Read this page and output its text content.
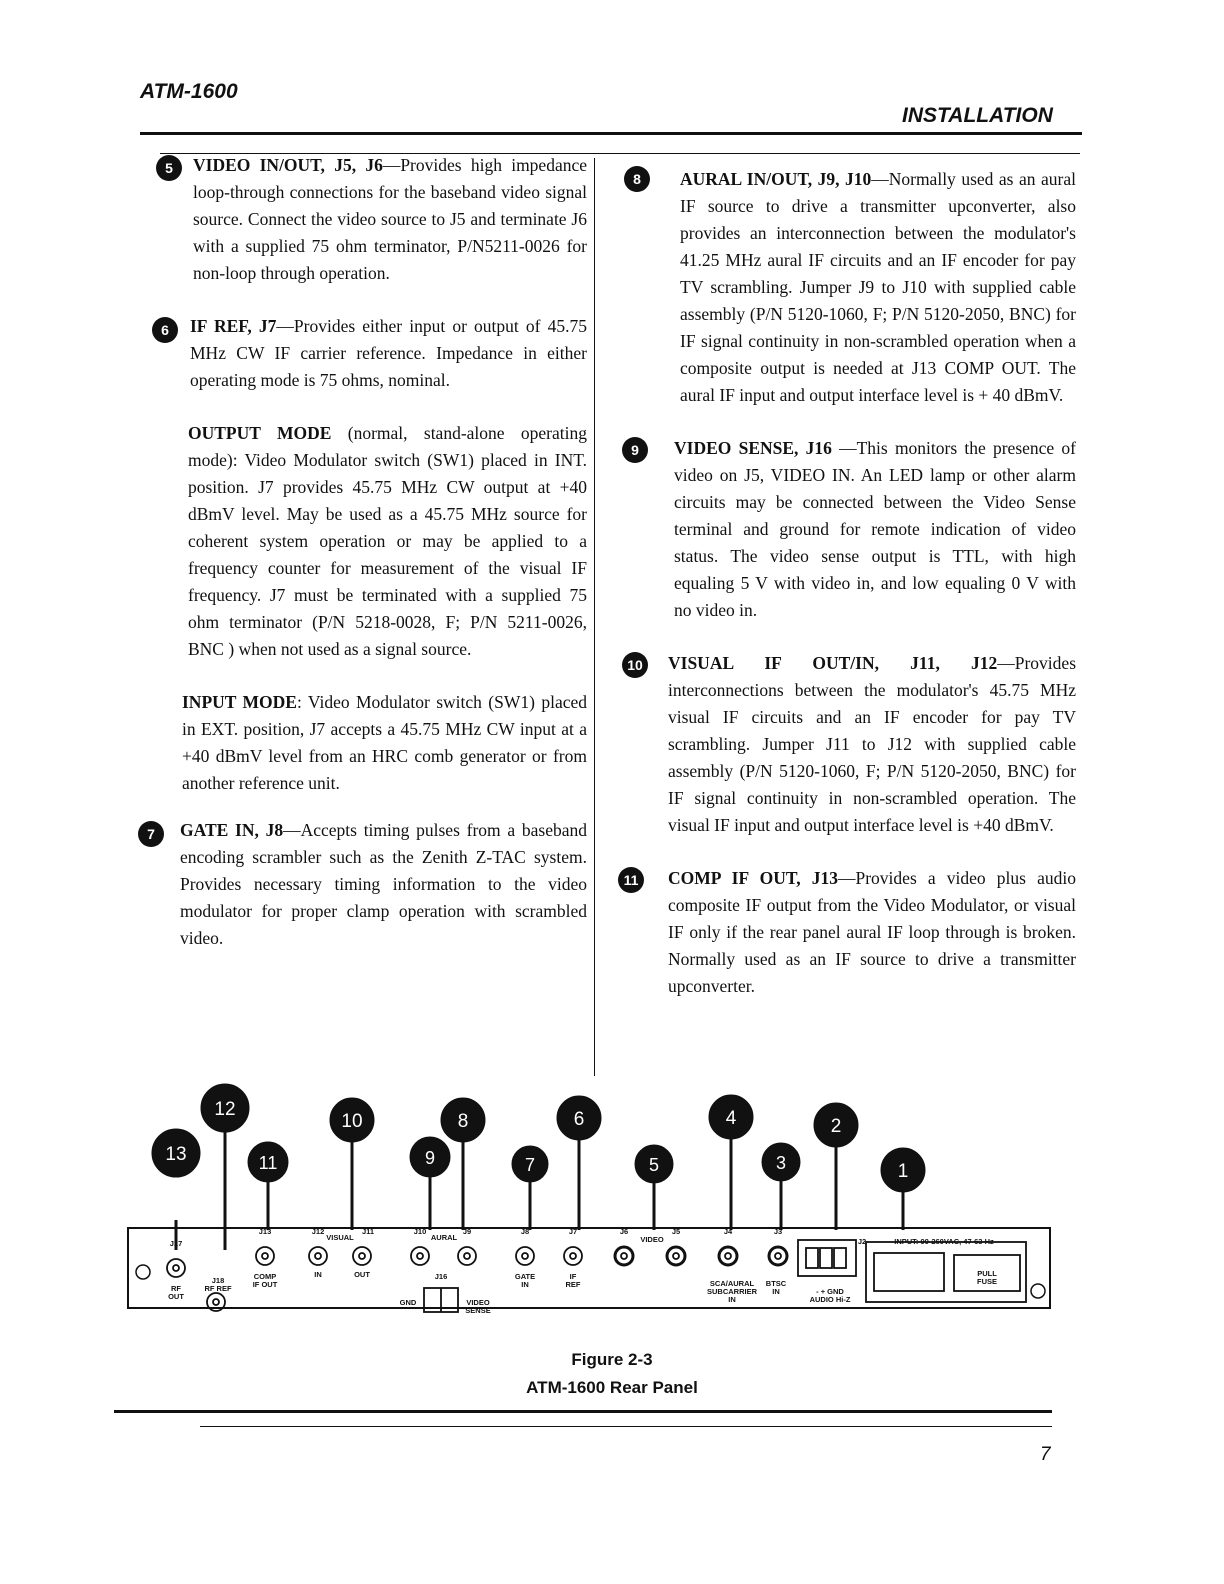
ATM-1600
INSTALLATION
5	VIDEO IN/OUT, J5, J6—Provides high impedance loop-through connections for the baseband video signal source. Connect the video source to J5 and terminate J6 with a supplied 75 ohm terminator, P/N5211-0026 for non-loop through operation.

6	IF REF, J7—Provides either input or output of 45.75 MHz CW IF carrier reference. Impedance in either operating mode is 75 ohms, nominal.

OUTPUT MODE (normal, stand-alone operating mode): Video Modulator switch (SW1) placed in INT. position. J7 provides 45.75 MHz CW output at +40 dBmV level. May be used as a 45.75 MHz source for coherent system operation or may be applied to a frequency counter for measurement of the visual IF frequency. J7 must be terminated with a supplied 75 ohm terminator (P/N 5218-0028, F; P/N 5211-0026, BNC ) when not used as a signal source.

INPUT MODE: Video Modulator switch (SW1) placed in EXT. position, J7 accepts a 45.75 MHz CW input at a +40 dBmV level from an HRC comb generator or from another reference unit.

7	GATE IN, J8—Accepts timing pulses from a baseband encoding scrambler such as the Zenith Z-TAC system. Provides necessary timing information to the video modulator for proper clamp operation with scrambled video.

8	AURAL IN/OUT, J9, J10—Normally used as an aural IF source to drive a transmitter upconverter, also provides an interconnection between the modulator's 41.25 MHz aural IF circuits and an IF encoder for pay TV scrambling. Jumper J9 to J10 with supplied cable assembly (P/N 5120-1060, F; P/N 5120-2050, BNC) for IF signal continuity in non-scrambled operation when a composite output is needed at J13 COMP OUT. The aural IF input and output interface level is + 40 dBmV.

9	VIDEO SENSE, J16 —This monitors the presence of video on J5, VIDEO IN. An LED lamp or other alarm circuits may be connected between the Video Sense terminal and ground for remote indication of video status. The video sense output is TTL, with high equaling 5 V with video in, and low equaling 0 V with no video in.

10 VISUAL IF OUT/IN, J11, J12—Provides interconnections between the modulator's 45.75 MHz visual IF circuits and an IF encoder for pay TV scrambling. Jumper J11 to J12 with supplied cable assembly (P/N 5120-1060, F; P/N 5120-2050, BNC) for IF signal continuity in non-scrambled operation. The visual IF input and output interface level is +40 dBmV.

11	COMP IF OUT, J13—Provides a video plus audio composite IF output from the Video Modulator, or visual IF only if the rear panel aural IF loop through is broken. Normally used as an IF source to drive a transmitter upconverter.

13
12
11
10
9
8
7
6
5
4
3
2
1
J17
RF OUT
J18
RF REF
J13
COMP IF OUT
J12
VISUAL
J11
IN	OUT
J10
AURAL
J9
J16
GND	VIDEO SENSE
J8
GATE IN
J7
IF REF
J6
VIDEO
J5	J4
SCA/AURAL SUBCARRIER IN
J3
BTSC IN
J2
- + GND AUDIO Hi-Z
INPUT: 90-260VAC, 47-63 Hz
PULL FUSE
Figure 2-3
ATM-1600 Rear Panel
7
